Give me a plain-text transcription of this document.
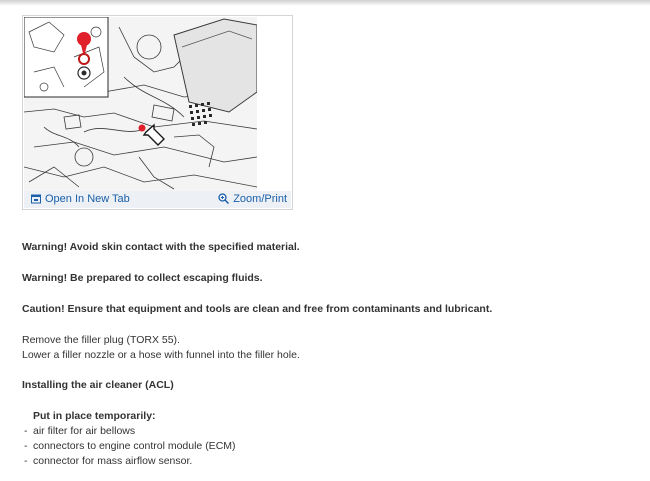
Open In New Tab	Zoom/Print

Warning! Avoid skin contact with the specified material.

Warning! Be prepared to collect escaping fluids.

Caution! Ensure that equipment and tools are clean and free from contaminants and lubricant.

Remove the filler plug (TORX 55).

Lower a filler nozzle or a hose with funnel into the filler hole.

Installing the air cleaner (ACL)

Put in place temporarily:

- air filter for air bellows
- connectors to engine control module (ECM)
- connector for mass airflow sensor.
